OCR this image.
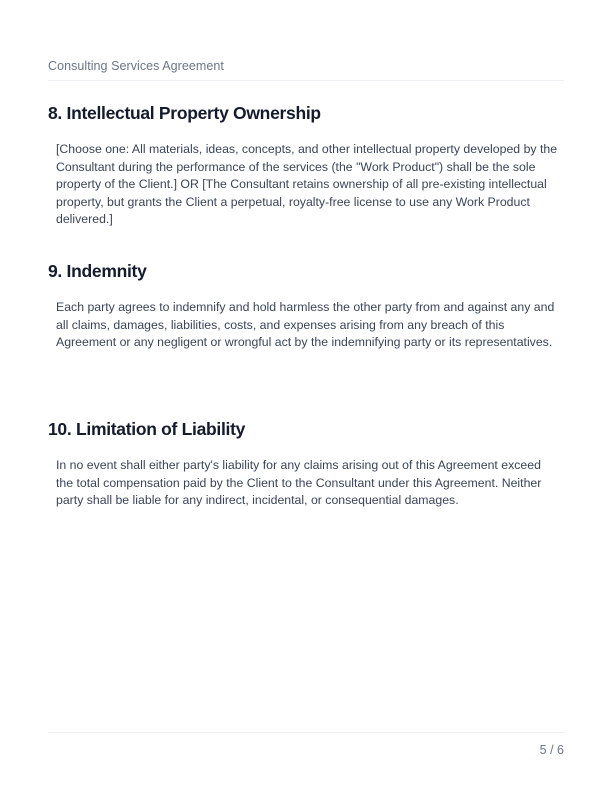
Consulting Services Agreement
8. Intellectual Property Ownership

[Choose one: All materials, ideas, concepts, and other intellectual property developed by the Consultant during the performance of the services (the "Work Product") shall be the sole property of the Client.] OR [The Consultant retains ownership of all pre-existing intellectual property, but grants the Client a perpetual, royalty-free license to use any Work Product delivered.]

9. Indemnity

Each party agrees to indemnify and hold harmless the other party from and against any and all claims, damages, liabilities, costs, and expenses arising from any breach of this Agreement or any negligent or wrongful act by the indemnifying party or its representatives.

10. Limitation of Liability

In no event shall either party's liability for any claims arising out of this Agreement exceed the total compensation paid by the Client to the Consultant under this Agreement. Neither party shall be liable for any indirect, incidental, or consequential damages.

5 / 6
